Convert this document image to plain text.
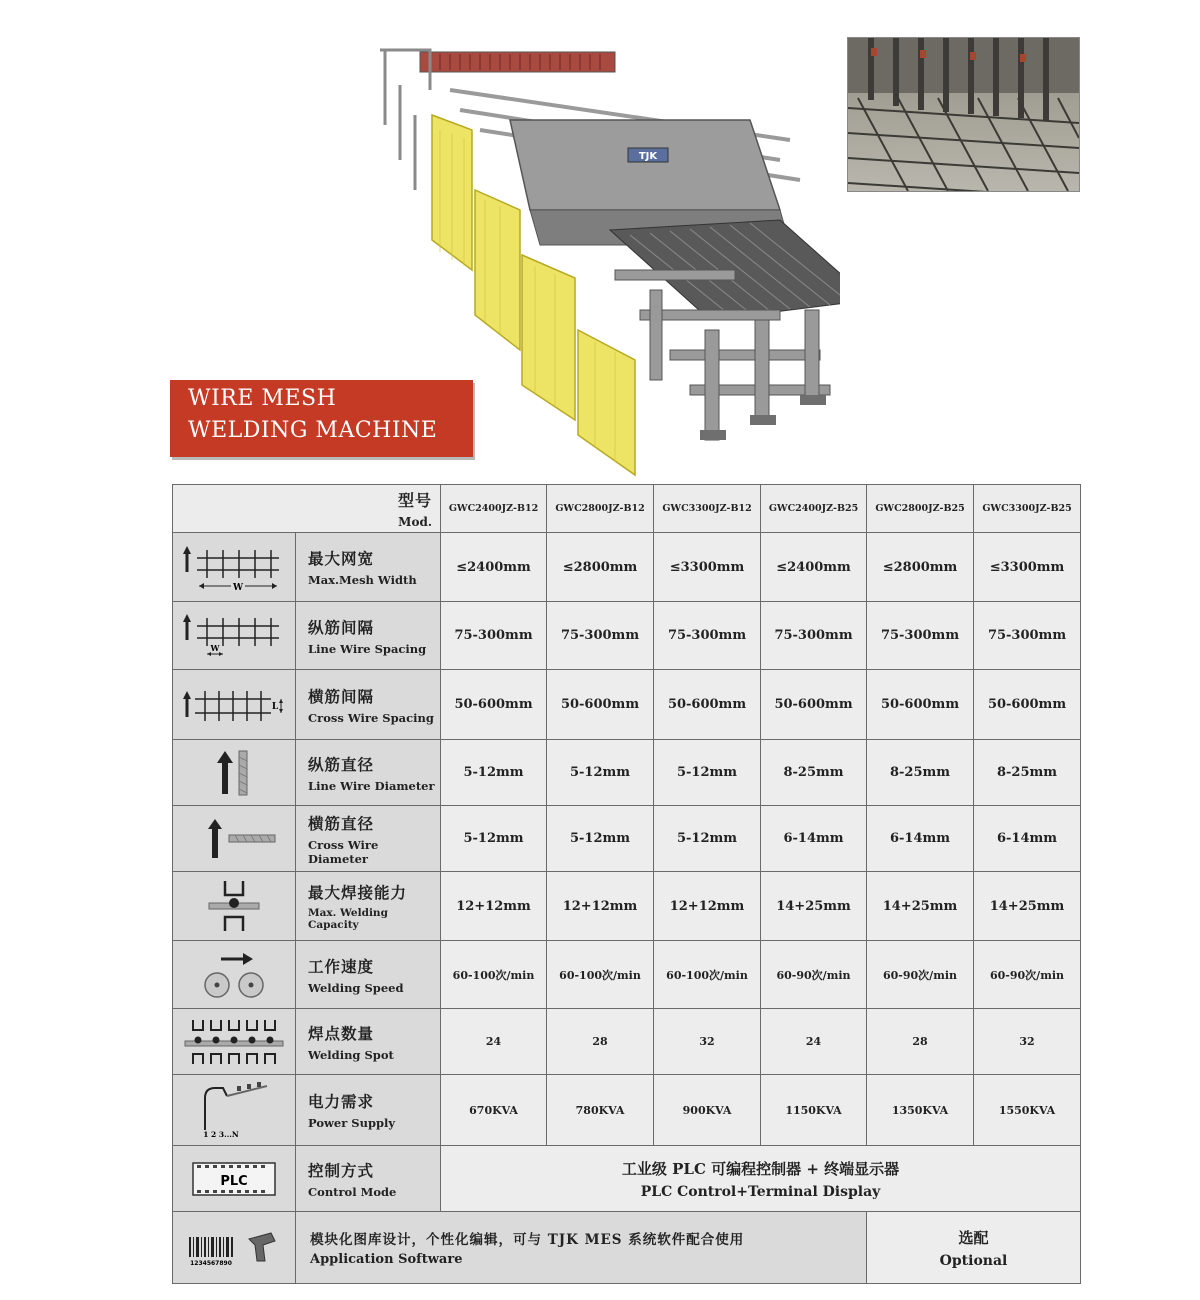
TJK
WIRE MESH
WELDING MACHINE
型号
Mod.		GWC2400JZ-B12	GWC2800JZ-B12	GWC3300JZ-B12	GWC2400JZ-B25	GWC2800JZ-B25	GWC3300JZ-B25

W	最大网宽
Max.Mesh Width	≤2400mm	≤2800mm	≤3300mm	≤2400mm	≤2800mm	≤3300mm

W	纵筋间隔
Line Wire Spacing	75-300mm	75-300mm	75-300mm	75-300mm	75-300mm	75-300mm

L	横筋间隔
Cross Wire Spacing	50-600mm	50-600mm	50-600mm	50-600mm	50-600mm	50-600mm

纵筋直径
Line Wire Diameter	5-12mm	5-12mm	5-12mm	8-25mm	8-25mm	8-25mm

横筋直径
Cross Wire Diameter	5-12mm	5-12mm	5-12mm	6-14mm	6-14mm	6-14mm

最大焊接能力
Max. Welding Capacity	12+12mm	12+12mm	12+12mm	14+25mm	14+25mm	14+25mm

工作速度
Welding Speed	60-100次/min	60-100次/min	60-100次/min	60-90次/min	60-90次/min	60-90次/min

焊点数量
Welding Spot	24	28	32	24	28	32

1 2 3...N	电力需求
Power Supply	670KVA	780KVA	900KVA	1150KVA	1350KVA	1550KVA

PLC	控制方式
Control Mode	工业级 PLC 可编程控制器 + 终端显示器
PLC Control+Terminal Display					

1234567890	模块化图库设计，个性化编辑，可与 TJK MES 系统软件配合使用
Application Software					选配
Optional	
